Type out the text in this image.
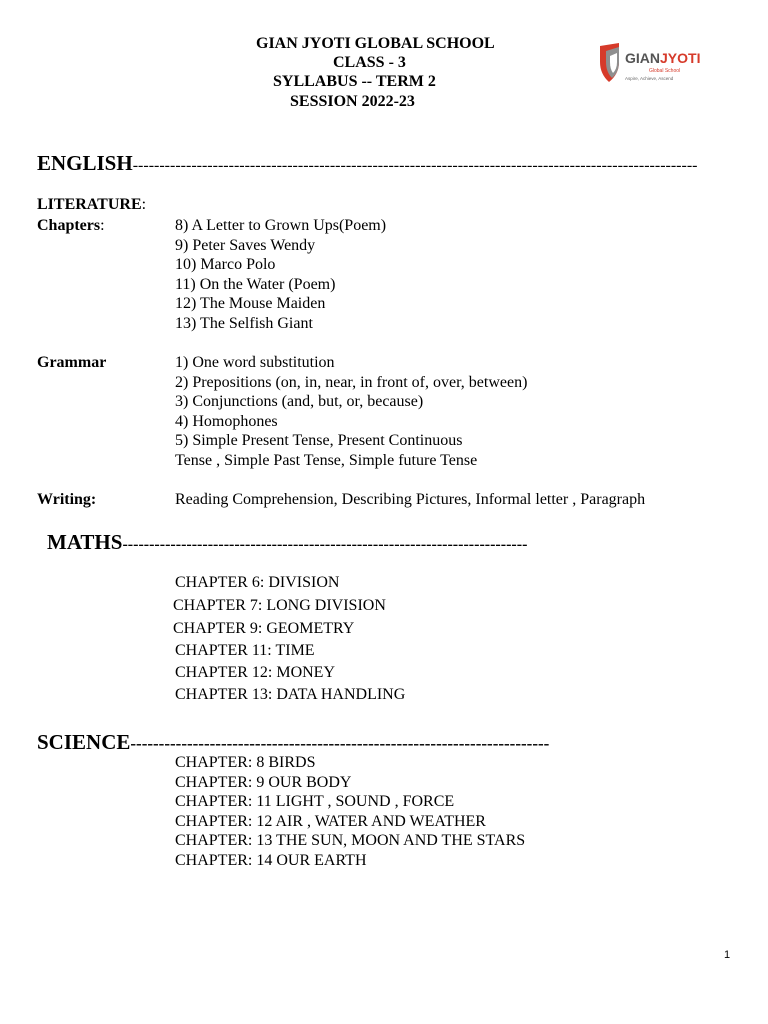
GIAN JYOTI GLOBAL SCHOOL
CLASS - 3
SYLLABUS -- TERM 2
SESSION 2022-23
GIANJYOTI
Global School
Aspire, Achieve, Ascend
ENGLISH----------------------------------------------------------------------------------------------------------
LITERATURE:
Chapters:	8) A Letter to Grown Ups(Poem)
9) Peter Saves Wendy
10) Marco Polo
11) On the Water (Poem)
12) The Mouse Maiden
13) The Selfish Giant
Grammar	1) One word substitution
2) Prepositions (on, in, near, in front of, over, between)
3) Conjunctions (and, but, or, because)
4) Homophones
5) Simple Present Tense, Present Continuous
Tense , Simple Past Tense, Simple future Tense
Writing:	Reading Comprehension, Describing Pictures, Informal letter , Paragraph
MATHS----------------------------------------------------------------------------
CHAPTER 6: DIVISION
CHAPTER 7: LONG DIVISION
CHAPTER 9: GEOMETRY
CHAPTER 11: TIME
CHAPTER 12: MONEY
CHAPTER 13: DATA HANDLING
SCIENCE--------------------------------------------------------------------------
CHAPTER: 8 BIRDS
CHAPTER: 9 OUR BODY
CHAPTER: 11 LIGHT , SOUND , FORCE
CHAPTER: 12 AIR , WATER AND WEATHER
CHAPTER: 13 THE SUN, MOON AND THE STARS
CHAPTER: 14 OUR EARTH
1
